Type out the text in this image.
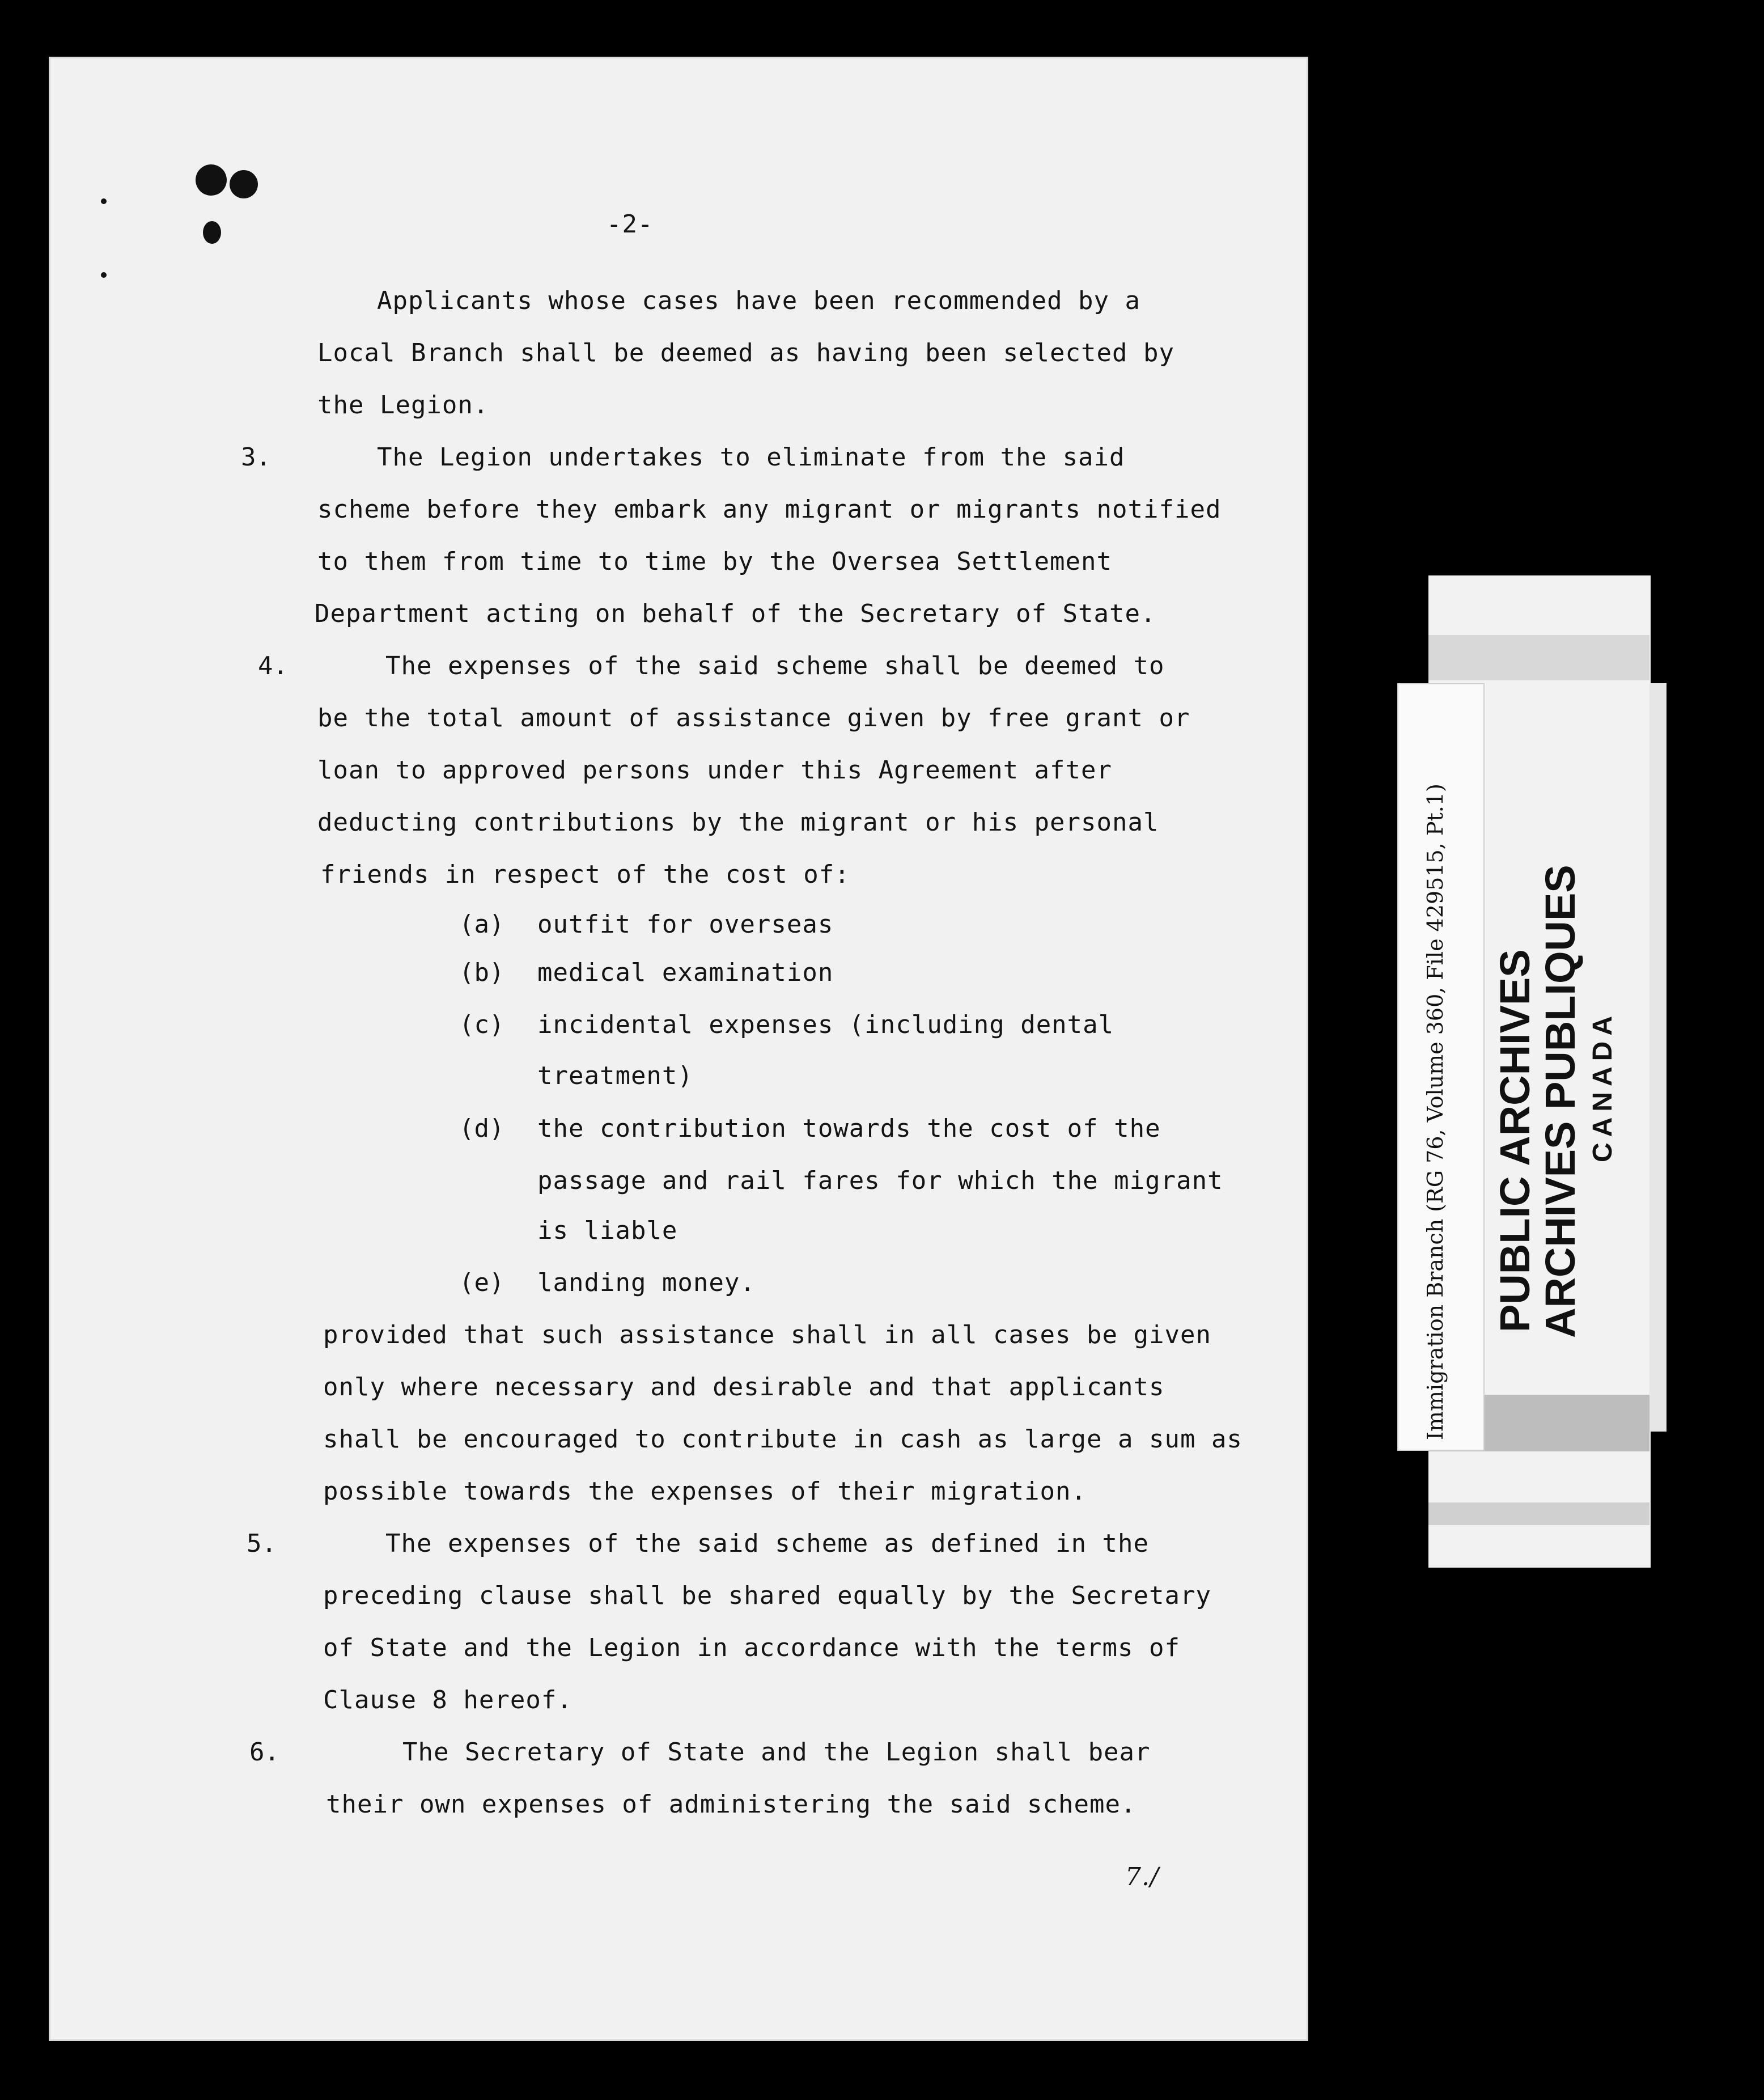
-2-
Applicants whose cases have been recommended by a
Local Branch shall be deemed as having been selected by
the Legion.
3.	The Legion undertakes to eliminate from the said
scheme before they embark any migrant or migrants notified
to them from time to time by the Oversea Settlement
Department acting on behalf of the Secretary of State.
4.	The expenses of the said scheme shall be deemed to
be the total amount of assistance given by free grant or
loan to approved persons under this Agreement after
deducting contributions by the migrant or his personal
friends in respect of the cost of:
(a) outfit for overseas
(b) medical examination
(c) incidental expenses (including dental
treatment)
(d) the contribution towards the cost of the
passage and rail fares for which the migrant
is liable
(e) landing money.
provided that such assistance shall in all cases be given
only where necessary and desirable and that applicants
shall be encouraged to contribute in cash as large a sum as
possible towards the expenses of their migration.
5.	The expenses of the said scheme as defined in the
preceding clause shall be shared equally by the Secretary
of State and the Legion in accordance with the terms of
Clause 8 hereof.
6.	The Secretary of State and the Legion shall bear
their own expenses of administering the said scheme.
7./
Immigration Branch (RG 76, Volume 360, File 429515, Pt.1) PUBLIC ARCHIVES
ARCHIVES PUBLIQUES CANADA
